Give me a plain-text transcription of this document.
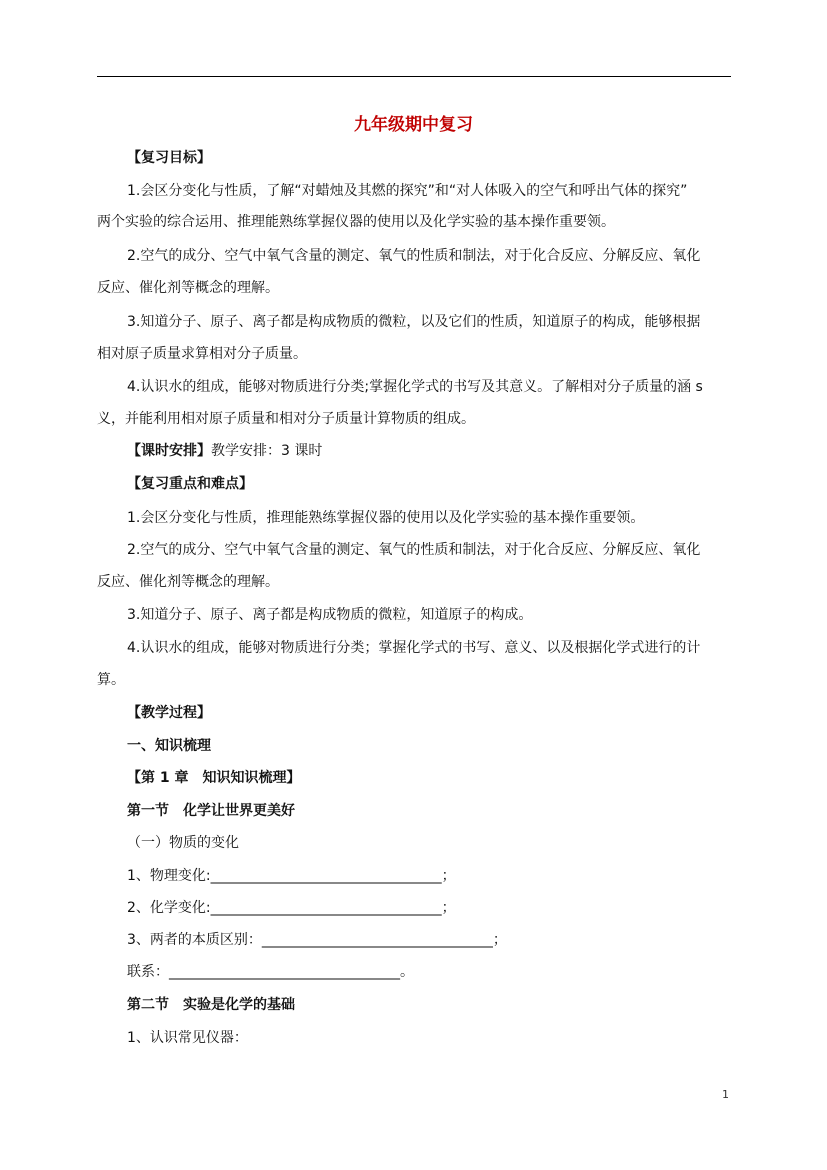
九年级期中复习
【复习目标】
1.会区分变化与性质，了解“对蜡烛及其燃的探究”和“对人体吸入的空气和呼出气体的探究”
两个实验的综合运用、推理能熟练掌握仪器的使用以及化学实验的基本操作重要领。
2.空气的成分、空气中氧气含量的测定、氧气的性质和制法，对于化合反应、分解反应、氧化
反应、催化剂等概念的理解。
3.知道分子、原子、离子都是构成物质的微粒，以及它们的性质，知道原子的构成，能够根据
相对原子质量求算相对分子质量。
4.认识水的组成，能够对物质进行分类;掌握化学式的书写及其意义。了解相对分子质量的涵 s
义，并能利用相对原子质量和相对分子质量计算物质的组成。
【课时安排】教学安排：3 课时
【复习重点和难点】
1.会区分变化与性质，推理能熟练掌握仪器的使用以及化学实验的基本操作重要领。
2.空气的成分、空气中氧气含量的测定、氧气的性质和制法，对于化合反应、分解反应、氧化
反应、催化剂等概念的理解。
3.知道分子、原子、离子都是构成物质的微粒，知道原子的构成。
4.认识水的组成，能够对物质进行分类；掌握化学式的书写、意义、以及根据化学式进行的计
算。
【教学过程】
一、知识梳理
【第 1 章　知识知识梳理】
第一节　化学让世界更美好
（一）物质的变化
1、物理变化:_________________________________；
2、化学变化:_________________________________；
3、两者的本质区别：_________________________________；
联系：_________________________________。
第二节　实验是化学的基础
1、认识常见仪器：
1
